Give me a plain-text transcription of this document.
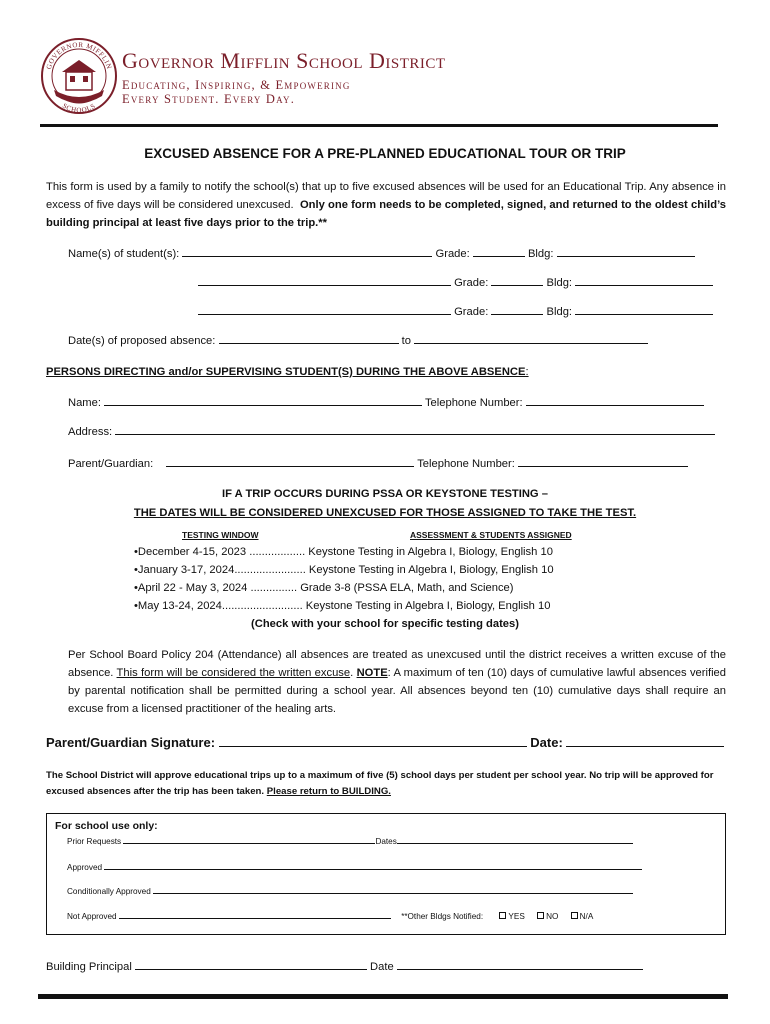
GOVERNOR MIFFLIN
SCHOOLS
Governor Mifflin School District
Educating, Inspiring, & Empowering
Every Student. Every Day.
EXCUSED ABSENCE FOR A PRE-PLANNED EDUCATIONAL TOUR OR TRIP
This form is used by a family to notify the school(s) that up to five excused absences will be used for an Educational Trip. Any absence in excess of five days will be considered unexcused. Only one form needs to be completed, signed, and returned to the oldest child’s building principal at least five days prior to the trip.**
Name(s) of student(s):	Grade:	Bldg:
Grade:	Bldg:
Grade:	Bldg:
Date(s) of proposed absence:	to
PERSONS DIRECTING and/or SUPERVISING STUDENT(S) DURING THE ABOVE ABSENCE:
Name:	Telephone Number:
Address:
Parent/Guardian:	Telephone Number:
IF A TRIP OCCURS DURING PSSA OR KEYSTONE TESTING –
THE DATES WILL BE CONSIDERED UNEXCUSED FOR THOSE ASSIGNED TO TAKE THE TEST.
TESTING WINDOW	ASSESSMENT & STUDENTS ASSIGNED
•December 4-15, 2023 .................. Keystone Testing in Algebra I, Biology, English 10
•January 3-17, 2024....................... Keystone Testing in Algebra I, Biology, English 10
•April 22 - May 3, 2024 ............... Grade 3-8 (PSSA ELA, Math, and Science)
•May 13-24, 2024.......................... Keystone Testing in Algebra I, Biology, English 10
(Check with your school for specific testing dates)
Per School Board Policy 204 (Attendance) all absences are treated as unexcused until the district receives a written excuse of the absence. This form will be considered the written excuse. NOTE: A maximum of ten (10) days of cumulative lawful absences verified by parental notification shall be permitted during a school year. All absences beyond ten (10) cumulative days shall require an excuse from a licensed practitioner of the healing arts.
Parent/Guardian Signature:	Date:
The School District will approve educational trips up to a maximum of five (5) school days per student per school year. No trip will be approved for excused absences after the trip has been taken. Please return to BUILDING.
For school use only:
Prior Requests	Dates
Approved
Conditionally Approved
Not Approved	**Other Bldgs Notified:	YES	NO	N/A
Building Principal	Date
